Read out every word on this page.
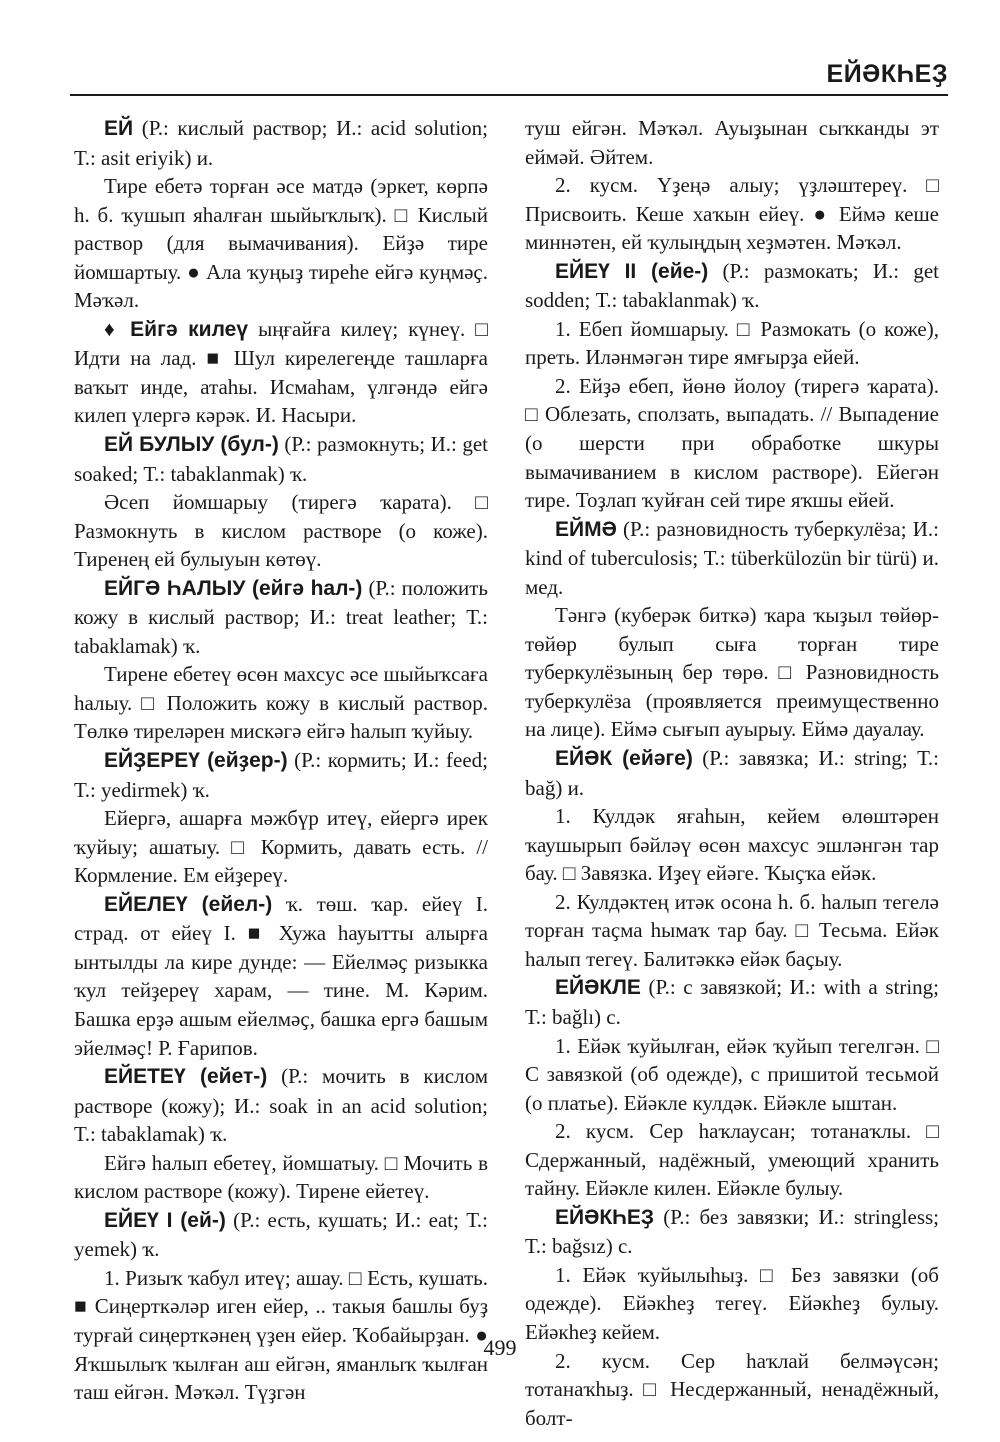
ЕЙӘКҺЕҘ

ЕЙ (Р.: кислый раствор; И.: acid solution; Т.: asit eriyik) и.

Тире ебетә торған әсе матдә (эркет, көрпә һ. б. ҡушып яһалған шыйыҡлыҡ). □ Кислый раствор (для вымачивания). Ейҙә тире йомшартыу. ● Ала ҡуңыҙ тиреһе ейгә куңмәҫ. Мәҡәл.

♦ Ейгә килеү ыңғайға килеү; күнеү. □ Идти на лад. ■ Шул кирелегеңде ташларға ваҡыт инде, атаһы. Исмаһам, үлгәндә ейгә килеп үлергә кәрәк. И. Насыри.

ЕЙ БУЛЫУ (бул-) (Р.: размокнуть; И.: get soaked; Т.: tabaklanmak) ҡ.

Әсеп йомшарыу (тирегә ҡарата). □ Размокнуть в кислом растворе (о коже). Тиренең ей булыуын көтөү.

ЕЙГӘ ҺАЛЫУ (ейгә һал-) (Р.: положить кожу в кислый раствор; И.: treat leather; Т.: tabaklamak) ҡ.

Тирене ебетеү өсөн махсус әсе шыйыҡсаға һалыу. □ Положить кожу в кислый раствор. Төлкө тиреләрен мискәгә ейгә һалып ҡуйыу.

ЕЙҘЕРЕҮ (ейҙер-) (Р.: кормить; И.: feed; Т.: yedirmek) ҡ.

Ейергә, ашарға мәжбүр итеү, ейергә ирек ҡуйыу; ашатыу. □ Кормить, давать есть. // Кормление. Ем ейҙереү.

ЕЙЕЛЕҮ (ейел-) ҡ. төш. ҡар. ейеү I. страд. от ейеү I. ■ Хужа һауытты алырға ынтылды ла кире дунде: — Ейелмәҫ ризыкка ҡул тейҙереү харам, — тине. М. Кәрим. Башка ерҙә ашым ейелмәҫ, башка ергә башым эйелмәҫ! Р. Ғарипов.

ЕЙЕТЕҮ (ейет-) (Р.: мочить в кислом растворе (кожу); И.: soak in an acid solution; Т.: tabaklamak) ҡ.

Ейгә һалып ебетеү, йомшатыу. □ Мочить в кислом растворе (кожу). Тирене ейетеү.

ЕЙЕҮ I (ей-) (Р.: есть, кушать; И.: eat; Т.: yemek) ҡ.

1. Ризыҡ ҡабул итеү; ашау. □ Есть, кушать. ■ Сиңерткәләр иген ейер, .. такыя башлы буҙ турғай сиңерткәнең үҙен ейер. Ҡобайырҙан. ● Яҡшылыҡ ҡылған аш ейгән, яманлыҡ ҡылған таш ейгән. Мәҡәл. Түҙгән

туш ейгән. Мәҡәл. Ауыҙынан сыҡканды эт еймәй. Әйтем.

2. кусм. Үҙеңә алыу; үҙләштереү. □ Присвоить. Кеше хаҡын ейеү. ● Еймә кеше миннәтен, ей ҡулыңдың хеҙмәтен. Мәҡәл.

ЕЙЕҮ II (ейе-) (Р.: размокать; И.: get sodden; Т.: tabaklanmak) ҡ.

1. Ебеп йомшарыу. □ Размокать (о коже), преть. Иләнмәгән тире ямғырҙа ейей.

2. Ейҙә ебеп, йөнө йолоу (тирегә ҡарата). □ Облезать, сползать, выпадать. // Выпадение (о шерсти при обработке шкуры вымачиванием в кислом растворе). Ейегән тире. Тоҙлап ҡуйған сей тире яҡшы ейей.

ЕЙМӘ (Р.: разновидность туберкулёза; И.: kind of tuberculosis; Т.: tüberkülozün bir türü) и. мед.

Тәнгә (куберәк биткә) ҡара ҡыҙыл төйөр-төйөр булып сыға торған тире туберкулёзының бер төрө. □ Разновидность туберкулёза (проявляется преимущественно на лице). Еймә сығып ауырыу. Еймә дауалау.

ЕЙӘК (ейәге) (Р.: завязка; И.: string; Т.: bağ) и.

1. Кулдәк яғаһын, кейем өлөштәрен ҡаушырып бәйләү өсөн махсус эшләнгән тар бау. □ Завязка. Иҙеү ейәге. Ҡыҫҡа ейәк.

2. Кулдәктең итәк осона һ. б. һалып тегелә торған таҫма һымаҡ тар бау. □ Тесьма. Ейәк һалып тегеү. Балитәккә ейәк баҫыу.

ЕЙӘКЛЕ (Р.: с завязкой; И.: with a string; Т.: bağlı) с.

1. Ейәк ҡуйылған, ейәк ҡуйып тегелгән. □ С завязкой (об одежде), с пришитой тесьмой (о платье). Ейәкле кулдәк. Ейәкле ыштан.

2. кусм. Сер һаҡлаусан; тотанаҡлы. □ Сдержанный, надёжный, умеющий хранить тайну. Ейәкле килен. Ейәкле булыу.

ЕЙӘКҺЕҘ (Р.: без завязки; И.: stringless; Т.: bağsız) с.

1. Ейәк ҡуйылыһыҙ. □ Без завязки (об одежде). Ейәкһеҙ тегеү. Ейәкһеҙ булыу. Ейәкһеҙ кейем.

2. кусм. Сер һаҡлай белмәүсән; тотанаҡһыҙ. □ Несдержанный, ненадёжный, болт-

499
